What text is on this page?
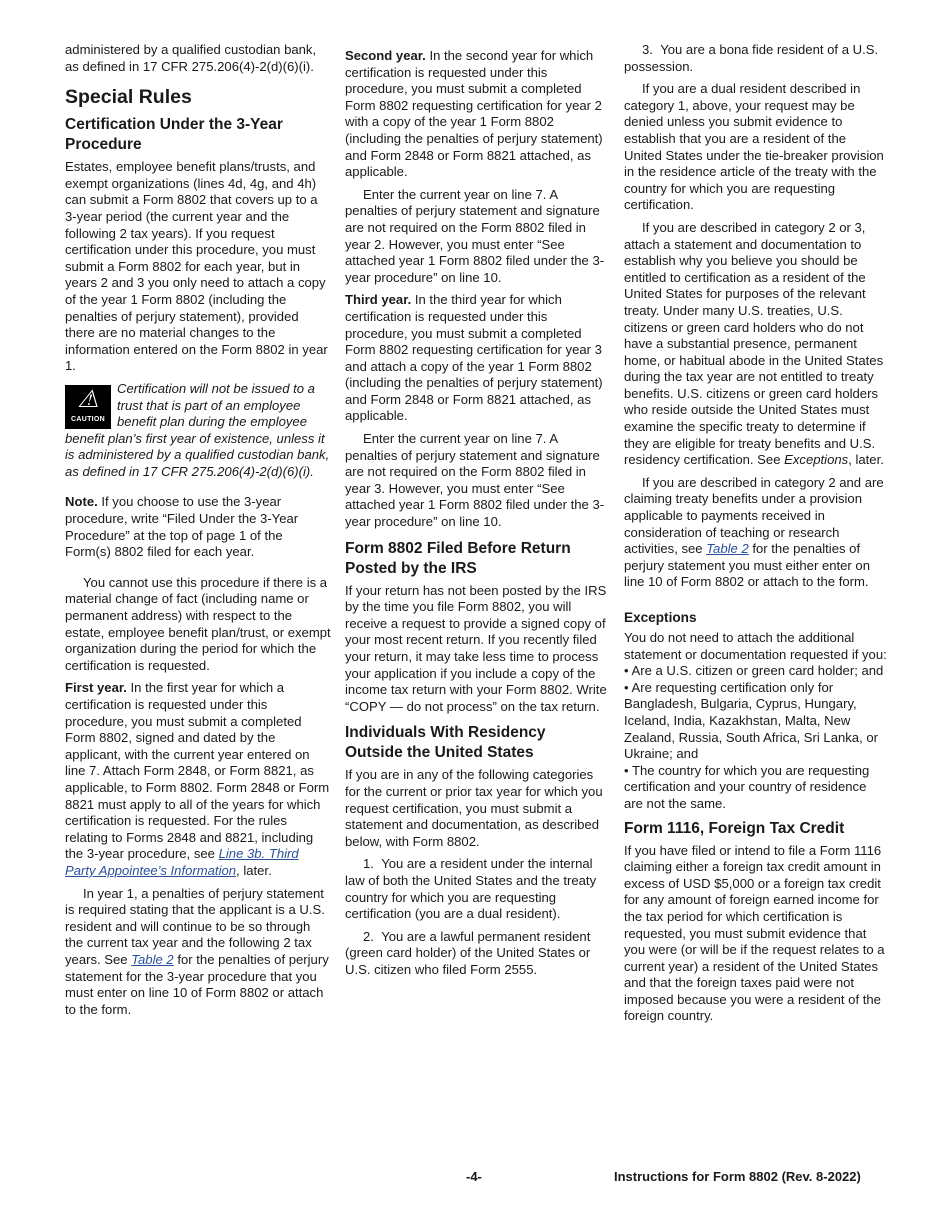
administered by a qualified custodian bank, as defined in 17 CFR 275.206(4)-2(d)(6)(i).

Special Rules
Certification Under the 3-Year Procedure

Estates, employee benefit plans/trusts, and exempt organizations (lines 4d, 4g, and 4h) can submit a Form 8802 that covers up to a 3-year period (the current year and the following 2 tax years). If you request certification under this procedure, you must submit a Form 8802 for each year, but in years 2 and 3 you only need to attach a copy of the year 1 Form 8802 (including the penalties of perjury statement), provided there are no material changes to the information entered on the Form 8802 in year 1.

⚠
CAUTION
Certification will not be issued to a trust that is part of an employee benefit plan during the employee benefit plan’s first year of existence, unless it is administered by a qualified custodian bank, as defined in 17 CFR 275.206(4)-2(d)(6)(i).

Note. If you choose to use the 3-year procedure, write “Filed Under the 3-Year Procedure” at the top of page 1 of the Form(s) 8802 filed for each year.

You cannot use this procedure if there is a material change of fact (including name or permanent address) with respect to the estate, employee benefit plan/trust, or exempt organization during the period for which the certification is requested.

First year. In the first year for which a certification is requested under this procedure, you must submit a completed Form 8802, signed and dated by the applicant, with the current year entered on line 7. Attach Form 2848, or Form 8821, as applicable, to Form 8802. Form 2848 or Form 8821 must apply to all of the years for which certification is requested. For the rules relating to Forms 2848 and 8821, including the 3-year procedure, see Line 3b. Third Party Appointee’s Information, later.

In year 1, a penalties of perjury statement is required stating that the applicant is a U.S. resident and will continue to be so through the current tax year and the following 2 tax years. See Table 2 for the penalties of perjury statement for the 3-year procedure that you must enter on line 10 of Form 8802 or attach to the form.

Second year. In the second year for which certification is requested under this procedure, you must submit a completed Form 8802 requesting certification for year 2 with a copy of the year 1 Form 8802 (including the penalties of perjury statement) and Form 2848 or Form 8821 attached, as applicable.

Enter the current year on line 7. A penalties of perjury statement and signature are not required on the Form 8802 filed in year 2. However, you must enter “See attached year 1 Form 8802 filed under the 3-year procedure” on line 10.

Third year. In the third year for which certification is requested under this procedure, you must submit a completed Form 8802 requesting certification for year 3 and attach a copy of the year 1 Form 8802 (including the penalties of perjury statement) and Form 2848 or Form 8821 attached, as applicable.

Enter the current year on line 7. A penalties of perjury statement and signature are not required on the Form 8802 filed in year 3. However, you must enter “See attached year 1 Form 8802 filed under the 3-year procedure” on line 10.

Form 8802 Filed Before Return Posted by the IRS

If your return has not been posted by the IRS by the time you file Form 8802, you will receive a request to provide a signed copy of your most recent return. If you recently filed your return, it may take less time to process your application if you include a copy of the income tax return with your Form 8802. Write “COPY — do not process” on the tax return.

Individuals With Residency Outside the United States

If you are in any of the following categories for the current or prior tax year for which you request certification, you must submit a statement and documentation, as described below, with Form 8802.

1.  You are a resident under the internal law of both the United States and the treaty country for which you are requesting certification (you are a dual resident).

2.  You are a lawful permanent resident (green card holder) of the United States or U.S. citizen who filed Form 2555.

3.  You are a bona fide resident of a U.S. possession.

If you are a dual resident described in category 1, above, your request may be denied unless you submit evidence to establish that you are a resident of the United States under the tie-breaker provision in the residence article of the treaty with the country for which you are requesting certification.

If you are described in category 2 or 3, attach a statement and documentation to establish why you believe you should be entitled to certification as a resident of the United States for purposes of the relevant treaty. Under many U.S. treaties, U.S. citizens or green card holders who do not have a substantial presence, permanent home, or habitual abode in the United States during the tax year are not entitled to treaty benefits. U.S. citizens or green card holders who reside outside the United States must examine the specific treaty to determine if they are eligible for treaty benefits and U.S. residency certification. See Exceptions, later.

If you are described in category 2 and are claiming treaty benefits under a provision applicable to payments received in consideration of teaching or research activities, see Table 2 for the penalties of perjury statement you must either enter on line 10 of Form 8802 or attach to the form.

Exceptions

You do not need to attach the additional statement or documentation requested if you:

• Are a U.S. citizen or green card holder; and

• Are requesting certification only for Bangladesh, Bulgaria, Cyprus, Hungary, Iceland, India, Kazakhstan, Malta, New Zealand, Russia, South Africa, Sri Lanka, or Ukraine; and

• The country for which you are requesting certification and your country of residence are not the same.

Form 1116, Foreign Tax Credit

If you have filed or intend to file a Form 1116 claiming either a foreign tax credit amount in excess of USD $5,000 or a foreign tax credit for any amount of foreign earned income for the tax period for which certification is requested, you must submit evidence that you were (or will be if the request relates to a current year) a resident of the United States and that the foreign taxes paid were not imposed because you were a resident of the foreign country.

-4-	Instructions for Form 8802 (Rev. 8-2022)
